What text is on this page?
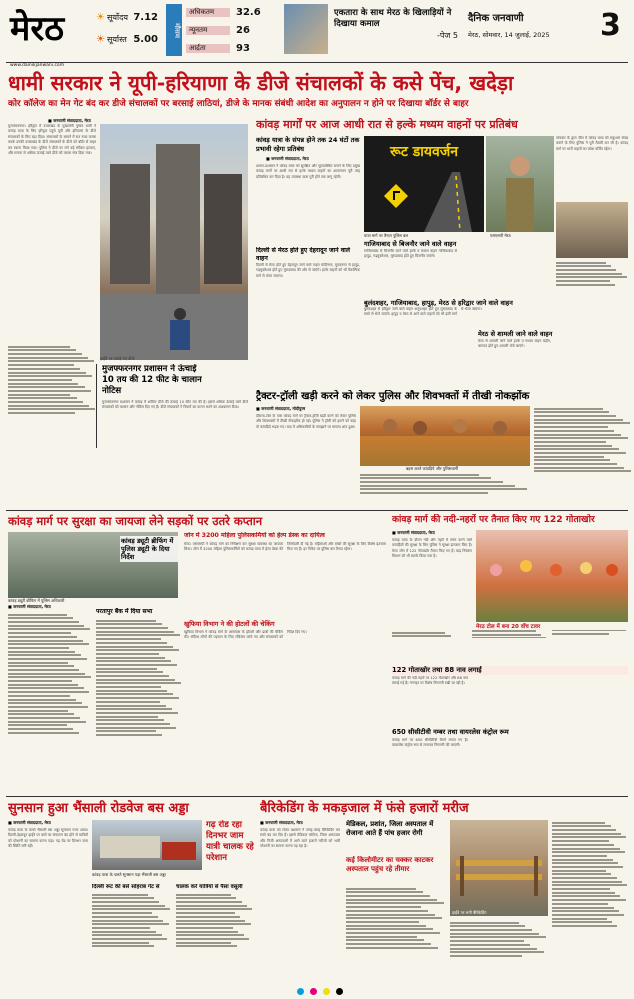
मेरठ	☀ सूर्योदय 7.12
☀ सूर्यास्त 5.00
मौसम
अधिकतम	32.6
न्यूनतम	26
आर्द्रता	93
एकतारा के साथ मेरठ के खिलाड़ियों ने दिखाया कमाल
-पेज 5
दैनिक जनवाणी
मेरठ, सोमवार, 14 जुलाई, 2025	3
www.dainikjanwani.com
धामी सरकार ने यूपी-हरियाणा के डीजे संचालकों के कसे पेंच, खदेड़ा
कोर कॉलेज का मेन गेट बंद कर डीजे संचालकों पर बरसाई लाठियां, डीजे के मानक संबंधी आदेश का अनुपालन न होने पर दिखाया बॉर्डर से बाहर
■ जनवाणी संवाददाता, मेरठ
मुजफ्फरनगर। हरिद्वार में उत्तराखंड के मुख्यमंत्री पुष्कर धामी ने कांवड़ यात्रा के लिए हरिद्वार पहुंचे यूपी और हरियाणा के डीजे संचालकों के लिए बड़ा दिया। संचालकों के सामने में रात रुका कमरा करके उनकी उत्तराखंड के डीजे संचालकों के डीजे को बॉर्डर से बाहर कर रवाना किया गया। पुलिस ने डीजे पर लगे बड़े स्पीकर हटवाए, और मानक से अधिक ऊंचाई वाले डीजे को वापस भेज दिया गया।
हाईवे पर पकड़े गए डीजे
मुजफ्फरनगर प्रशासन ने ऊंचाई 10 तय की 12 फीट के चालान नोटिस
मुजफ्फरनगर प्रशासन ने कांवड़ में शामिल डीजे की ऊंचाई 10 फीट तय की है। इससे अधिक ऊंचाई वाले डीजे संचालकों को चालान और नोटिस दिए गए हैं। डीजे संचालकों ने नियमों का पालन करने का आश्वासन दिया।
कांवड़ मार्गों पर आज आधी रात से हल्के मध्यम वाहनों पर प्रतिबंध
कांवड़ यात्रा के संपन्न होने तक 24 घंटों तक प्रभावी रहेगा प्रतिबंध
■ जनवाणी संवाददाता, मेरठ
शासन-प्रशासन ने कांवड़ यात्रा को सुरक्षित और सुव्यवस्थित बनाने के लिए प्रमुख कांवड़ मार्गों पर आधी रात से हल्के मध्यम वाहनों का आवागमन पूरी तरह प्रतिबंधित कर दिया है। यह व्यवस्था यात्रा पूरी होने तक लागू रहेगी।
दिल्ली से मेरठ होते हुए देहरादून जाने वाले वाहन
दिल्ली से मेरठ होते हुए देहरादून जाने वाले वाहन मोदीनगर, मुरादनगर से हापुड़, गढ़मुक्तेश्वर होते हुए मुरादाबाद की ओर से जाएंगे। हल्के वाहनों को भी वैकल्पिक मार्ग से भेजा जाएगा।
रूट डायवर्जन
यात्रा मार्ग पर तैनात पुलिस बल	एसएसपी मेरठ
गाजियाबाद से बिजनौर जाने वाले वाहन
गाजियाबाद से बिजनौर जाने वाले हल्के व मध्यम वाहन गाजियाबाद से हापुड़, गढ़मुक्तेश्वर, मुरादाबाद होते हुए बिजनौर जाएंगे।
बुलंदशहर, गाजियाबाद, हापुड़, मेरठ से हरिद्वार जाने वाले वाहन
बुलंदशहर से हरिद्वार जाने वाले वाहन अनूपशहर होते हुए मुरादाबाद के रास्ते से भेजे जाएंगे। हापुड़ व मेरठ से आने वाले वाहनों को भी इसी मार्ग से भेजा जाएगा।
पांचवार के द्वारा जीत में कांवड़ यात्रा को सकुशल संपन्न कराने के लिए पुलिस ने पूरी तैयारी कर ली है। कांवड़ मार्ग पर भारी वाहनों का प्रवेश वर्जित रहेगा।
मेरठ से शामली जाने वाले वाहन
मेरठ से शामली जाने वाले हल्के व मध्यम वाहन बड़ौत, बागपत होते हुए शामली भेजे जाएंगे।
ट्रैक्टर-ट्रॉली खड़ी करने को लेकर पुलिस और शिवभक्तों में तीखी नोकझोंक
■ जनवाणी संवाददाता, मोदीपुरम
दौराला-टोल के पास कांवड़ मार्ग पर ट्रैक्टर-ट्रॉली खड़ी करने को लेकर पुलिस और शिवभक्तों में तीखी नोकझोंक हो गई। पुलिस ने ट्रॉली को हटाने को कहा तो कांवड़िये भड़क गए। बाद में अधिकारियों के समझाने पर मामला शांत हुआ।
बहस करते कांवड़िये और पुलिसकर्मी
कांवड़ मार्ग पर सुरक्षा का जायजा लेने सड़कों पर उतरे कप्तान
कांवड़ ड्यूटी ब्रीफिंग में पुलिस ड्यूटी के दिया निर्देश
कांवड़ ड्यूटी ब्रीफिंग में पुलिस अधिकारी
जोन में 3200 महिला पुलिसकर्मियों को हेल्प डेस्क का दायित्व
मेरठ। एसएसपी ने कांवड़ मार्ग का निरीक्षण कर सुरक्षा व्यवस्था का जायजा लिया। जोन में 3200 महिला पुलिसकर्मियों को कांवड़ यात्रा में हेल्प डेस्क की जिम्मेदारी दी गई है। महिलाओं और बच्चों की सुरक्षा के लिए विशेष इंतजाम किए गए हैं। हर पिकेट पर पुलिस बल तैनात रहेगा।
■ जनवाणी संवाददाता, मेरठ
परतापुर बैंक में दिया सभा
खुफिया विभाग ने की होटलों की चेकिंग
खुफिया विभाग ने कांवड़ मार्ग के आसपास के होटलों और ढाबों की चेकिंग की। संदिग्ध लोगों की पहचान के लिए रजिस्टर जांचे गए और संचालकों को निर्देश दिए गए।
कांवड़ मार्ग की नदी-नहरों पर तैनात किए गए 122 गोताखोर
■ जनवाणी संवाददाता, मेरठ
कांवड़ यात्रा के दौरान नदी और नहरों में स्नान करने वाले कांवड़ियों की सुरक्षा के लिए पुलिस ने सुरक्षा इंतजाम किए हैं। मेरठ जोन में 122 गोताखोर तैनात किए गए हैं। बाढ़ नियंत्रण विभाग को भी सतर्क किया गया है।
मेरठ टोल में बना 20 वाँच टावर
122 गोताखोर तथा 88 नाव लगाई
कांवड़ मार्ग की नदी-नहरों पर 122 गोताखोर और 88 नाव लगाई गई हैं। गंगनहर पर विशेष निगरानी रखी जा रही है।
650 सीसीटीवी नम्बर तथा वायरलेस कंट्रोल रूम
कांवड़ मार्ग पर 650 सीसीटीवी कैमरे लगाए गए हैं। वायरलेस कंट्रोल रूम से लगातार निगरानी की जाएगी।
सुनसान हुआ भैंसाली रोडवेज बस अड्डा
■ जनवाणी संवाददाता, मेरठ
कांवड़ यात्रा के चलते भैंसाली बस अड्डा सुनसान नजर आया। दिल्ली-देहरादून हाईवे पर बसों का संचालन बंद होने से यात्रियों को परेशानी का सामना करना पड़ा। गढ़ रोड पर दिनभर जाम की स्थिति बनी रही।
गढ़ रोड रहा दिनभर जाम यात्री चालक रहे परेशान
कांवड़ यात्रा के चलते सूनसान पड़ा भैंसाली बस अड्डा
दिल्ली रूट की बसें सोहराब गेट से	चालक करें यात्रियों से पैसा वसूली
बैरिकेडिंग के मकड़जाल में फंसे हजारों मरीज
■ जनवाणी संवाददाता, मेरठ
कांवड़ यात्रा को लेकर प्रशासन ने जगह-जगह बैरिकेडिंग कर रास्ते बंद कर दिए हैं। इससे मेडिकल कॉलेज, जिला अस्पताल और निजी अस्पतालों में आने वाले हजारों मरीजों को भारी परेशानी का सामना करना पड़ रहा है।
मेडिकल, प्रशांत, जिला अस्पताल में रोजाना आते हैं पांच हजार रोगी
कई किलोमीटर का चक्कर काटकर अस्पताल पहुंच रहे तीमार
हाईवे पर लगी बैरिकेडिंग
